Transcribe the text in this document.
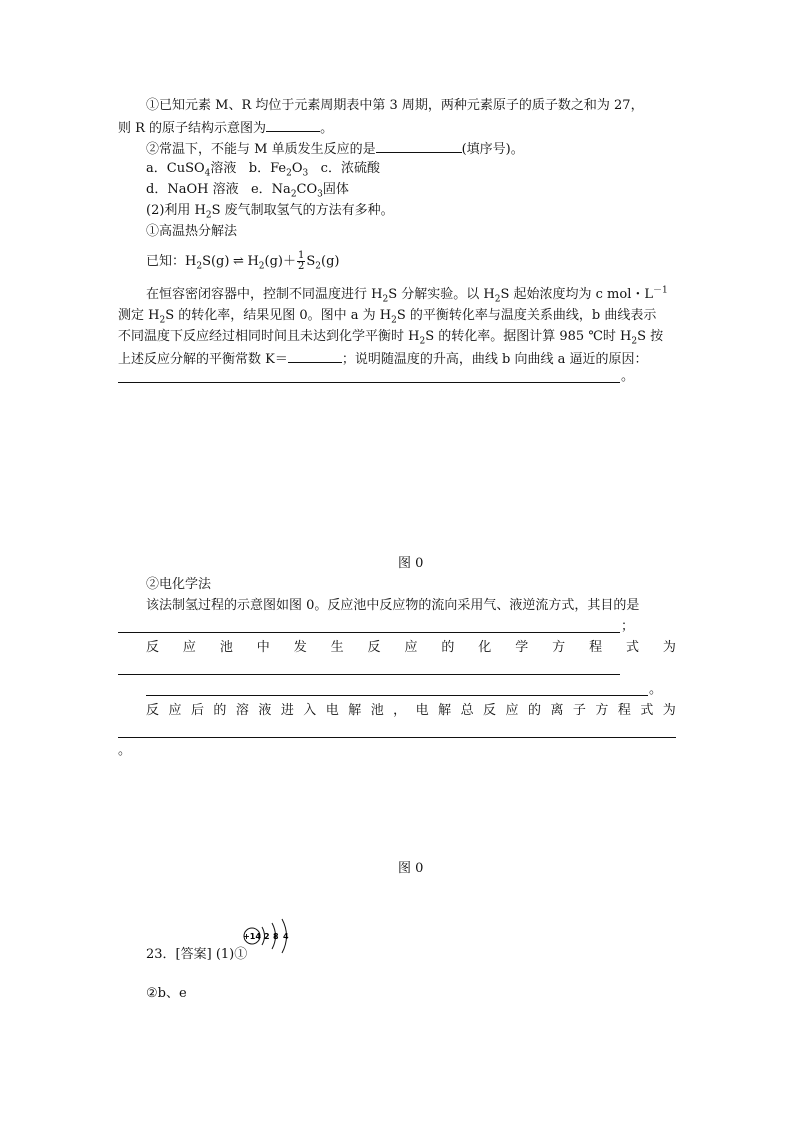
①已知元素 M、R 均位于元素周期表中第 3 周期，两种元素原子的质子数之和为 27，
则 R 的原子结构示意图为	。
②常温下，不能与 M 单质发生反应的是	(填序号)。
a．CuSO$_4$溶液 b．$Fe_2O_3$ c．浓硫酸
d．NaOH 溶液 e．$Na_2CO_3$固体
(2)利用 $H_2S$ 废气制取氢气的方法有多种。
①高温热分解法
已知：$H_2S(g)$ ⇌ $H_2(g)+ \frac{1}{2} S_2(g)$
在恒容密闭容器中，控制不同温度进行 $H_2S$ 分解实验。以 $H_2S$ 起始浓度均为 c mol・$L^{-1}$
测定 $H_2S$ 的转化率，结果见图 0。图中 a 为 $H_2S$ 的平衡转化率与温度关系曲线，b 曲线表示
不同温度下反应经过相同时间且未达到化学平衡时 $H_2S$ 的转化率。据图计算 985 ℃时 $H_2S$ 按
上述反应分解的平衡常数 K＝	；说明随温度的升高，曲线 b 向曲线 a 逼近的原因：
。
图 0
②电化学法
该法制氢过程的示意图如图 0。反应池中反应物的流向采用气、液逆流方式，其目的是
；
反 应 池 中 发 生 反 应 的 化 学 方 程 式 为
。
反 应 后 的 溶 液 进 入 电 解 池 ， 电 解 总 反 应 的 离 子 方 程 式 为
。
图 0
23．[答案] (1)①
+14 2 8 4
②b、e
